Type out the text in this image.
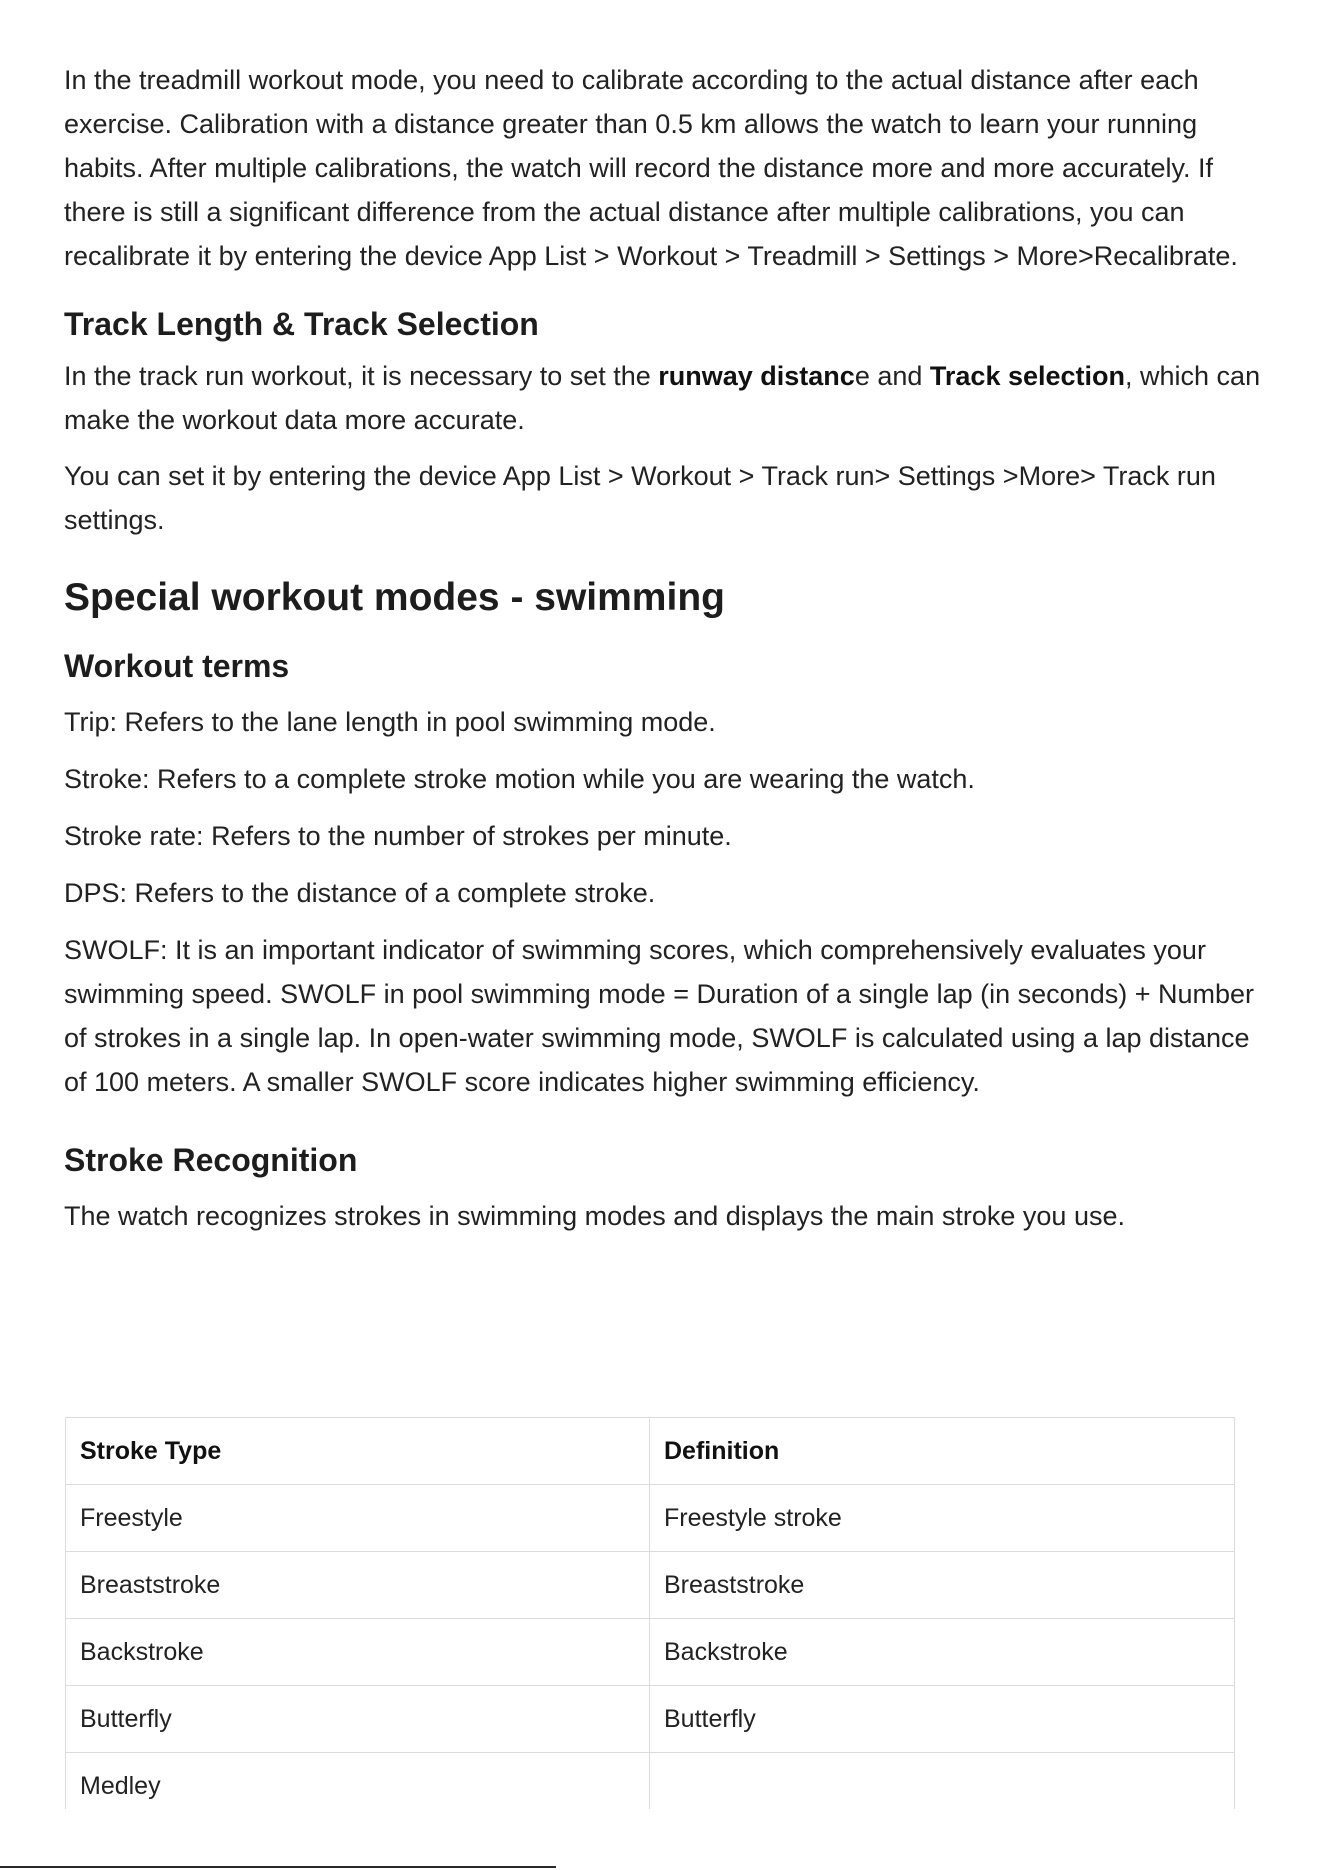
In the treadmill workout mode, you need to calibrate according to the actual distance after each exercise. Calibration with a distance greater than 0.5 km allows the watch to learn your running habits. After multiple calibrations, the watch will record the distance more and more accurately. If there is still a significant difference from the actual distance after multiple calibrations, you can recalibrate it by entering the device App List > Workout > Treadmill > Settings > More>Recalibrate.

Track Length & Track Selection

In the track run workout, it is necessary to set the runway distance and Track selection, which can make the workout data more accurate.

You can set it by entering the device App List > Workout > Track run> Settings >More> Track run settings.

Special workout modes - swimming
Workout terms

Trip: Refers to the lane length in pool swimming mode.

Stroke: Refers to a complete stroke motion while you are wearing the watch.

Stroke rate: Refers to the number of strokes per minute.

DPS: Refers to the distance of a complete stroke.

SWOLF: It is an important indicator of swimming scores, which comprehensively evaluates your swimming speed. SWOLF in pool swimming mode = Duration of a single lap (in seconds) + Number of strokes in a single lap. In open-water swimming mode, SWOLF is calculated using a lap distance of 100 meters. A smaller SWOLF score indicates higher swimming efficiency.

Stroke Recognition

The watch recognizes strokes in swimming modes and displays the main stroke you use.

Stroke Type	Definition
Freestyle	Freestyle stroke
Breaststroke	Breaststroke
Backstroke	Backstroke
Butterfly	Butterfly
Medley	
